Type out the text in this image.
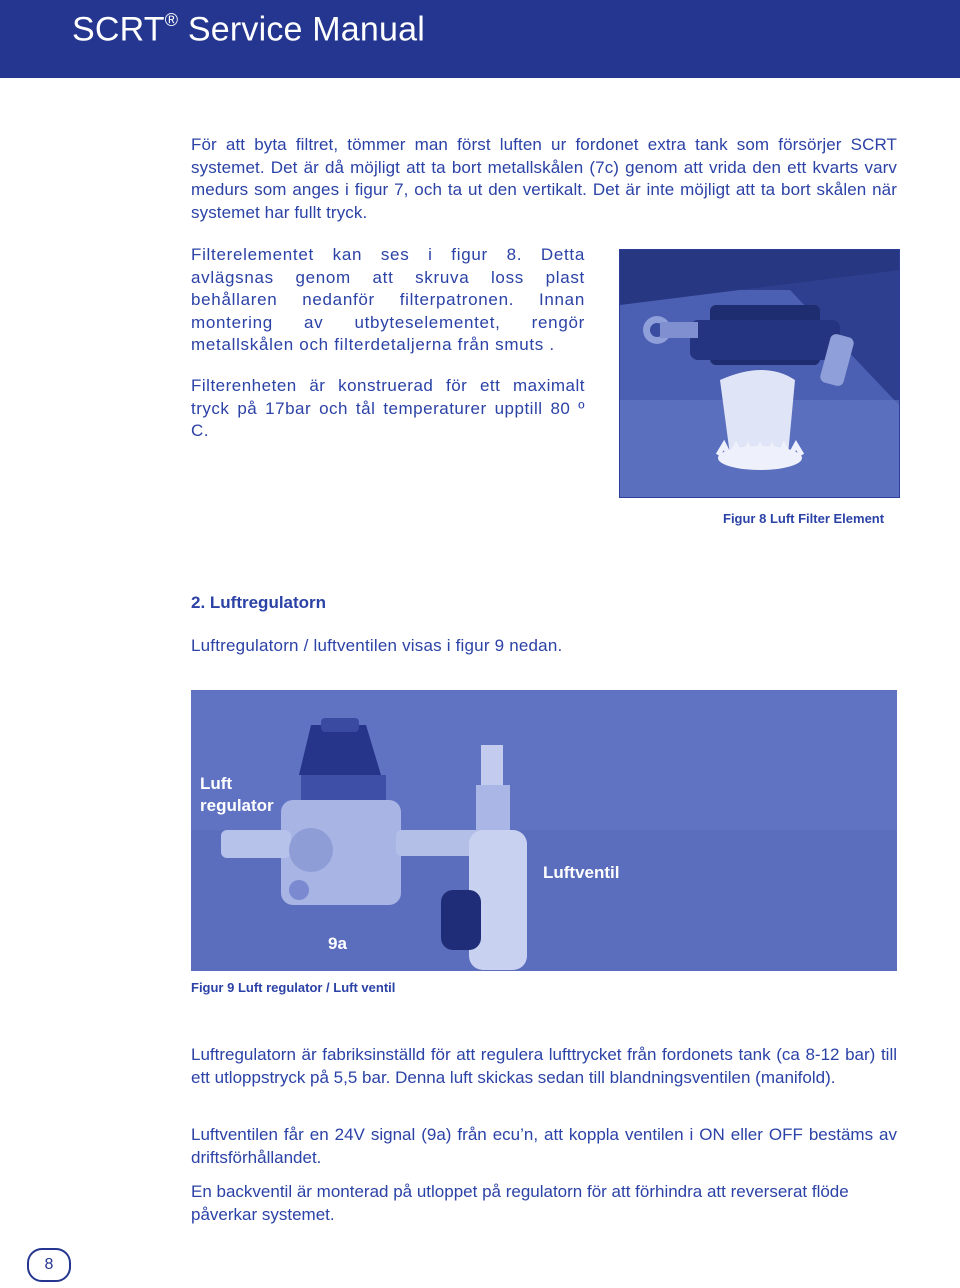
SCRT® Service Manual

För att byta filtret, tömmer man först luften ur fordonet extra tank som försörjer SCRT systemet. Det är då möjligt att ta bort metallskålen (7c) genom att vrida den ett kvarts varv medurs som anges i figur 7, och ta ut den vertikalt. Det är inte möjligt att ta bort skålen när systemet har fullt tryck.

Filterelementet kan ses i figur 8. Detta avlägsnas genom att skruva loss plast behållaren nedanför filterpatronen. Innan montering av utbyteselementet, rengör metallskålen och filterdetaljerna från smuts .

Filterenheten är konstruerad för ett maximalt tryck på 17bar och tål temperaturer upptill 80 º C.

Figur 8 Luft Filter Element
2. Luftregulatorn
Luftregulatorn / luftventilen visas i figur 9 nedan.
Luft
regulator
Luftventil
9a
Figur 9 Luft regulator / Luft ventil

Luftregulatorn är fabriksinställd för att regulera lufttrycket från fordonets tank (ca 8-12 bar) till ett utloppstryck på 5,5 bar. Denna luft skickas sedan till blandningsventilen (manifold).

Luftventilen får en 24V signal (9a) från ecu’n, att koppla ventilen i ON eller OFF bestäms av driftsförhållandet.

En backventil är monterad på utloppet på regulatorn för att förhindra att reverserat flöde påverkar systemet.

8
